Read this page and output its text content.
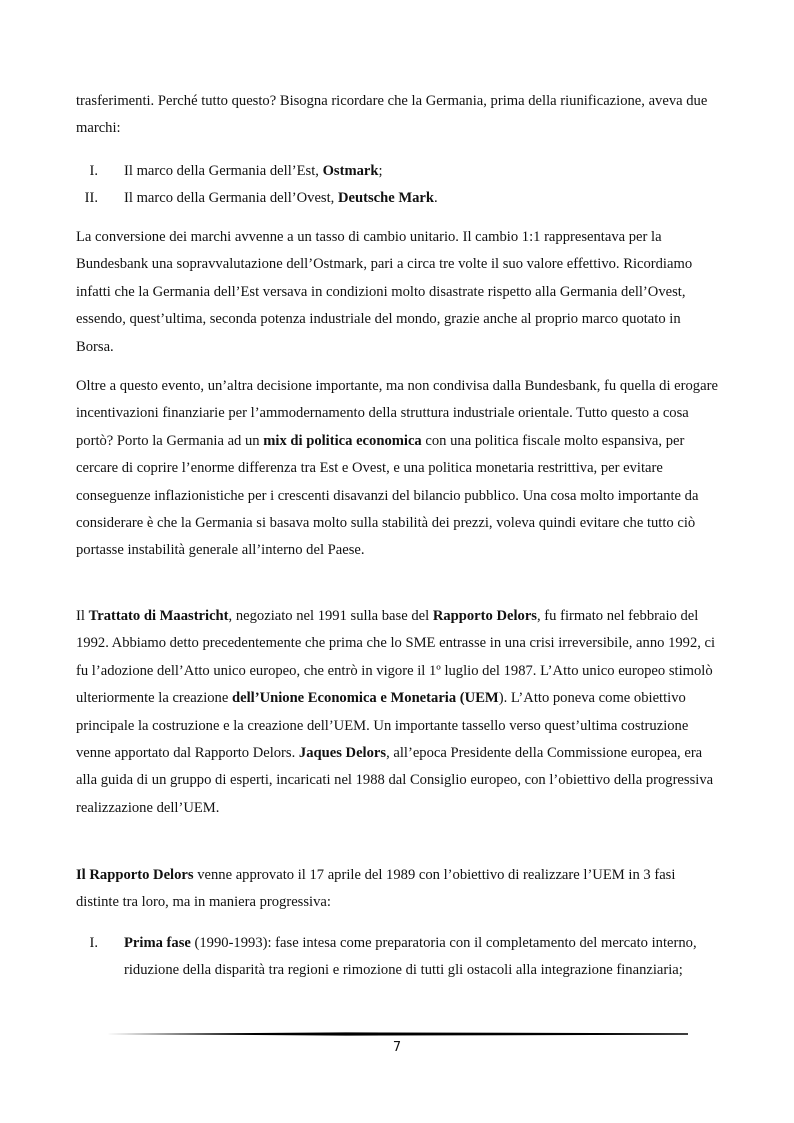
trasferimenti. Perché tutto questo? Bisogna ricordare che la Germania, prima della riunificazione, aveva due marchi:

I. Il marco della Germania dell’Est, Ostmark;
II. Il marco della Germania dell’Ovest, Deutsche Mark.

La conversione dei marchi avvenne a un tasso di cambio unitario. Il cambio 1:1 rappresentava per la Bundesbank una sopravvalutazione dell’Ostmark, pari a circa tre volte il suo valore effettivo. Ricordiamo infatti che la Germania dell’Est versava in condizioni molto disastrate rispetto alla Germania dell’Ovest, essendo, quest’ultima, seconda potenza industriale del mondo, grazie anche al proprio marco quotato in Borsa.

Oltre a questo evento, un’altra decisione importante, ma non condivisa dalla Bundesbank, fu quella di erogare incentivazioni finanziarie per l’ammodernamento della struttura industriale orientale. Tutto questo a cosa portò? Porto la Germania ad un mix di politica economica con una politica fiscale molto espansiva, per cercare di coprire l’enorme differenza tra Est e Ovest, e una politica monetaria restrittiva, per evitare conseguenze inflazionistiche per i crescenti disavanzi del bilancio pubblico. Una cosa molto importante da considerare è che la Germania si basava molto sulla stabilità dei prezzi, voleva quindi evitare che tutto ciò portasse instabilità generale all’interno del Paese.

Il Trattato di Maastricht, negoziato nel 1991 sulla base del Rapporto Delors, fu firmato nel febbraio del 1992. Abbiamo detto precedentemente che prima che lo SME entrasse in una crisi irreversibile, anno 1992, ci fu l’adozione dell’Atto unico europeo, che entrò in vigore il 1º luglio del 1987. L’Atto unico europeo stimolò ulteriormente la creazione dell’Unione Economica e Monetaria (UEM). L’Atto poneva come obiettivo principale la costruzione e la creazione dell’UEM. Un importante tassello verso quest’ultima costruzione venne apportato dal Rapporto Delors. Jaques Delors, all’epoca Presidente della Commissione europea, era alla guida di un gruppo di esperti, incaricati nel 1988 dal Consiglio europeo, con l’obiettivo della progressiva realizzazione dell’UEM.

Il Rapporto Delors venne approvato il 17 aprile del 1989 con l’obiettivo di realizzare l’UEM in 3 fasi distinte tra loro, ma in maniera progressiva:

I. Prima fase (1990-1993): fase intesa come preparatoria con il completamento del mercato interno, riduzione della disparità tra regioni e rimozione di tutti gli ostacoli alla integrazione finanziaria;
7
